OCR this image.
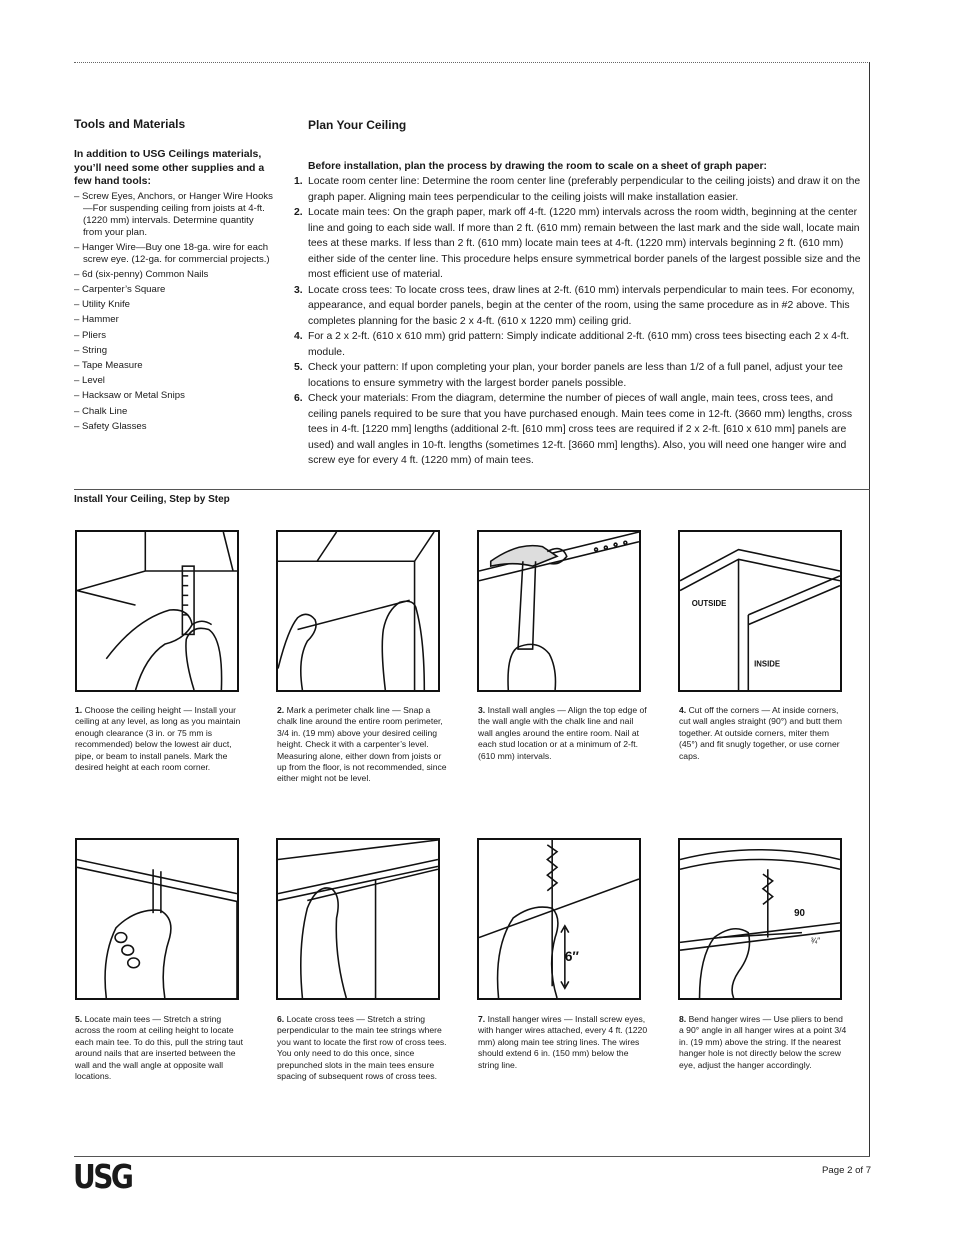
Tools and Materials
In addition to USG Ceilings materials, you’ll need some other supplies and a few hand tools:
– Screw Eyes, Anchors, or Hanger Wire Hooks—For suspending ceiling from joists at 4-ft. (1220 mm) intervals. Determine quantity from your plan.
– Hanger Wire—Buy one 18-ga. wire for each screw eye. (12-ga. for commercial projects.)
– 6d (six-penny) Common Nails
– Carpenter’s Square
– Utility Knife
– Hammer
– Pliers
– String
– Tape Measure
– Level
– Hacksaw or Metal Snips
– Chalk Line
– Safety Glasses
Plan Your Ceiling
Before installation, plan the process by drawing the room to scale on a sheet of graph paper:
1. Locate room center line: Determine the room center line (preferably perpendicular to the ceiling joists) and draw it on the graph paper. Aligning main tees perpendicular to the ceiling joists will make installation easier.
2. Locate main tees: On the graph paper, mark off 4-ft. (1220 mm) intervals across the room width, beginning at the center line and going to each side wall. If more than 2 ft. (610 mm) remain between the last mark and the side wall, locate main tees at these marks. If less than 2 ft. (610 mm) locate main tees at 4-ft. (1220 mm) intervals beginning 2 ft. (610 mm) either side of the center line. This procedure helps ensure symmetrical border panels of the largest possible size and the most efficient use of material.
3. Locate cross tees: To locate cross tees, draw lines at 2-ft. (610 mm) intervals perpendicular to main tees. For economy, appearance, and equal border panels, begin at the center of the room, using the same procedure as in #2 above. This completes planning for the basic 2 x 4-ft. (610 x 1220 mm) ceiling grid.
4. For a 2 x 2-ft. (610 x 610 mm) grid pattern: Simply indicate additional 2-ft. (610 mm) cross tees bisecting each 2 x 4-ft. module.
5. Check your pattern: If upon completing your plan, your border panels are less than 1/2 of a full panel, adjust your tee locations to ensure symmetry with the largest border panels possible.
6. Check your materials: From the diagram, determine the number of pieces of wall angle, main tees, cross tees, and ceiling panels required to be sure that you have purchased enough. Main tees come in 12-ft. (3660 mm) lengths, cross tees in 4-ft. [1220 mm] lengths (additional 2-ft. [610 mm] cross tees are required if 2 x 2-ft. [610 x 610 mm] panels are used) and wall angles in 10-ft. lengths (sometimes 12-ft. [3660 mm] lengths). Also, you will need one hanger wire and screw eye for every 4 ft. (1220 mm) of main tees.
Install Your Ceiling, Step by Step
OUTSIDE
INSIDE
6″
90
¾″
1. Choose the ceiling height — Install your ceiling at any level, as long as you maintain enough clearance (3 in. or 75 mm is recommended) below the lowest air duct, pipe, or beam to install panels. Mark the desired height at each room corner.
2. Mark a perimeter chalk line — Snap a chalk line around the entire room perimeter, 3/4 in. (19 mm) above your desired ceiling height. Check it with a carpenter’s level. Measuring alone, either down from joists or up from the floor, is not recommended, since either might not be level.
3. Install wall angles — Align the top edge of the wall angle with the chalk line and nail wall angles around the entire room. Nail at each stud location or at a minimum of 2-ft. (610 mm) intervals.
4. Cut off the corners — At inside corners, cut wall angles straight (90°) and butt them together. At outside corners, miter them (45°) and fit snugly together, or use corner caps.
5. Locate main tees — Stretch a string across the room at ceiling height to locate each main tee. To do this, pull the string taut around nails that are inserted between the wall and the wall angle at opposite wall locations.
6. Locate cross tees — Stretch a string perpendicular to the main tee strings where you want to locate the first row of cross tees. You only need to do this once, since prepunched slots in the main tees ensure spacing of subsequent rows of cross tees.
7. Install hanger wires — Install screw eyes, with hanger wires attached, every 4 ft. (1220 mm) along main tee string lines. The wires should extend 6 in. (150 mm) below the string line.
8. Bend hanger wires — Use pliers to bend a 90° angle in all hanger wires at a point 3/4 in. (19 mm) above the string. If the nearest hanger hole is not directly below the screw eye, adjust the hanger accordingly.
USG	Page 2 of 7
